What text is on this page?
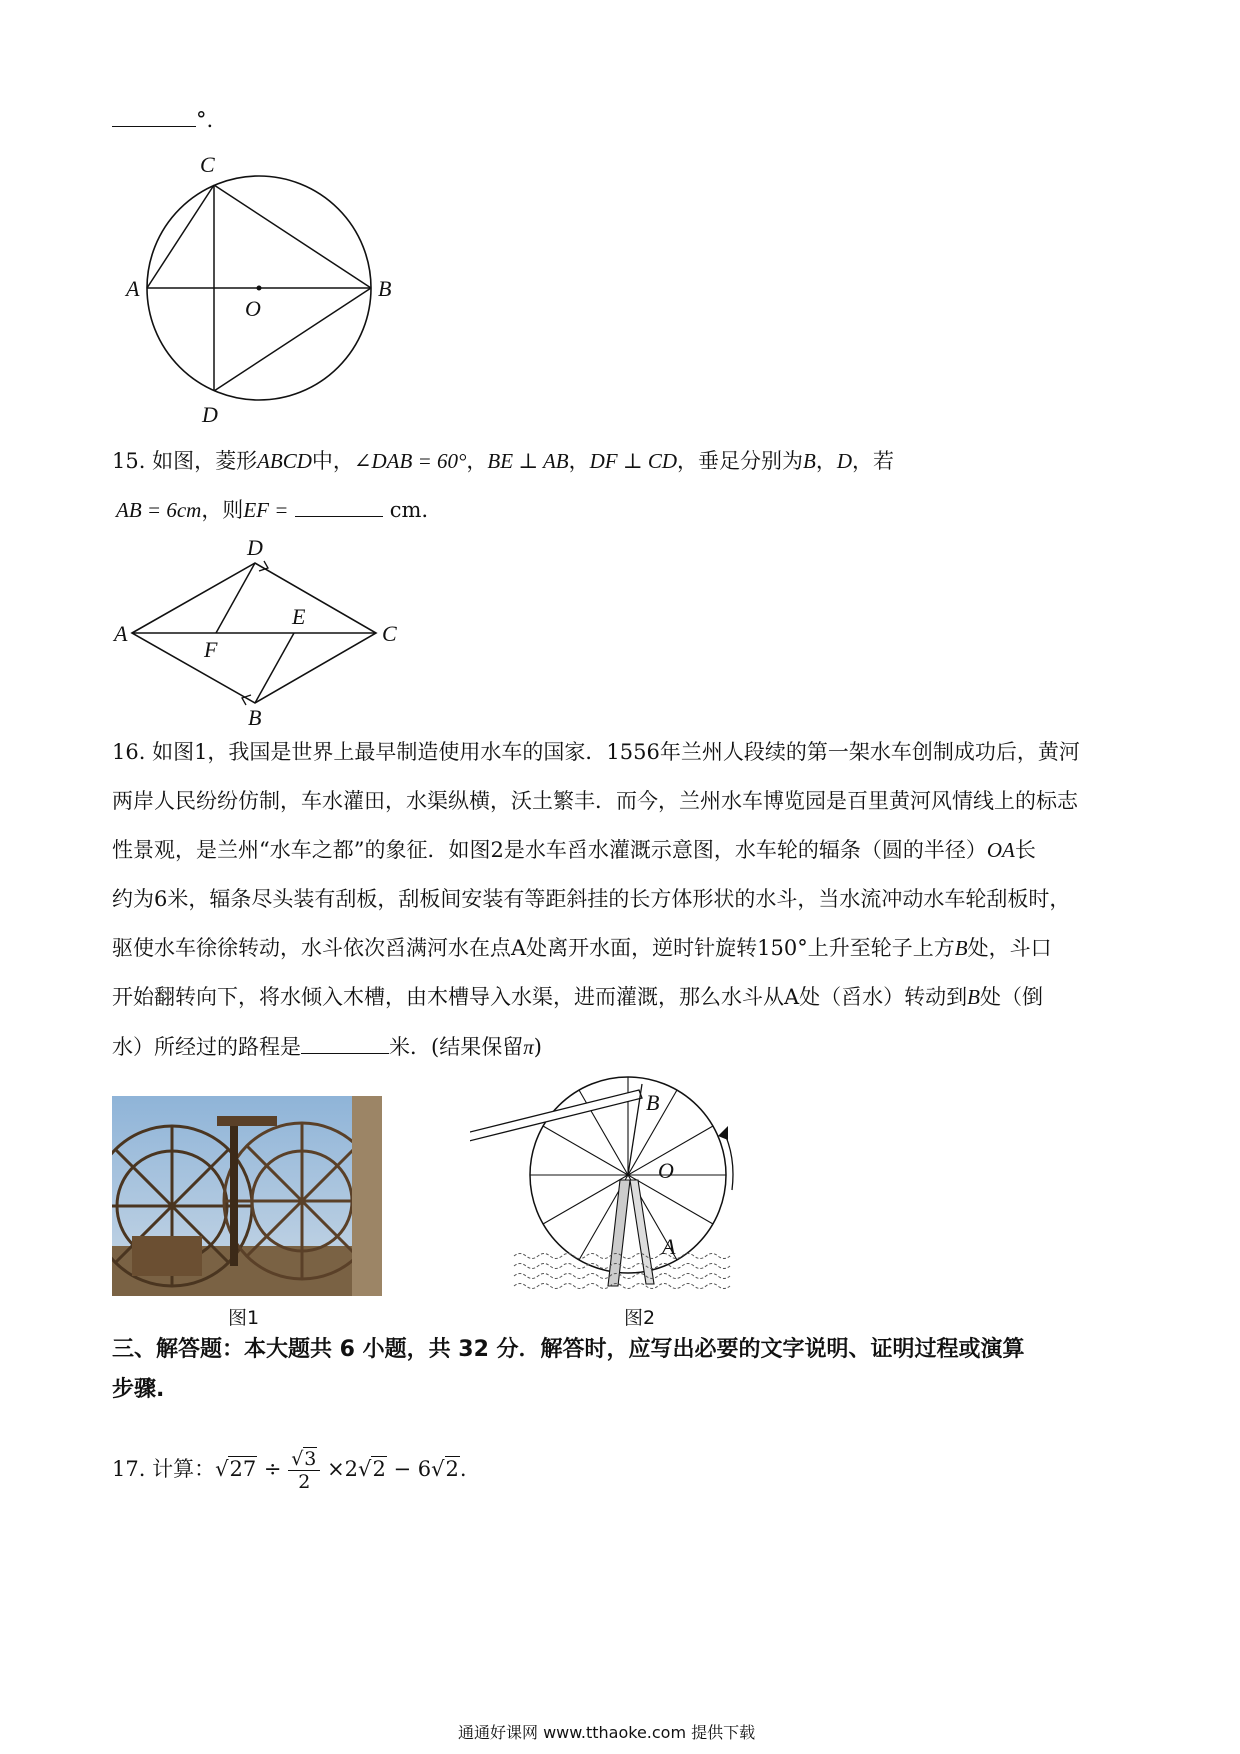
°.
A	B
C
D
O
15. 如图，菱形ABCD中，∠DAB = 60°，BE ⊥ AB，DF ⊥ CD，垂足分别为B，D，若
AB = 6cm，则EF =	cm．
A	C
D
B
E
F
16. 如图1，我国是世界上最早制造使用水车的国家．1556年兰州人段续的第一架水车创制成功后，黄河
两岸人民纷纷仿制，车水灌田，水渠纵横，沃土繁丰．而今，兰州水车博览园是百里黄河风情线上的标志
性景观，是兰州“水车之都”的象征．如图2是水车舀水灌溉示意图，水车轮的辐条（圆的半径）OA长
约为6米，辐条尽头装有刮板，刮板间安装有等距斜挂的长方体形状的水斗，当水流冲动水车轮刮板时，
驱使水车徐徐转动，水斗依次舀满河水在点A处离开水面，逆时针旋转150°上升至轮子上方B处，斗口
开始翻转向下，将水倾入木槽，由木槽导入水渠，进而灌溉，那么水斗从A处（舀水）转动到B处（倒
水）所经过的路程是	米．(结果保留π)
图1
B
O
A
图2
三、解答题：本大题共 6 小题，共 32 分．解答时，应写出必要的文字说明、证明过程或演算
步骤.
17. 计算：$√27 \div \frac{√3}{2} \times 2√2 - 6√2$.
通通好课网 www.tthaoke.com 提供下载
